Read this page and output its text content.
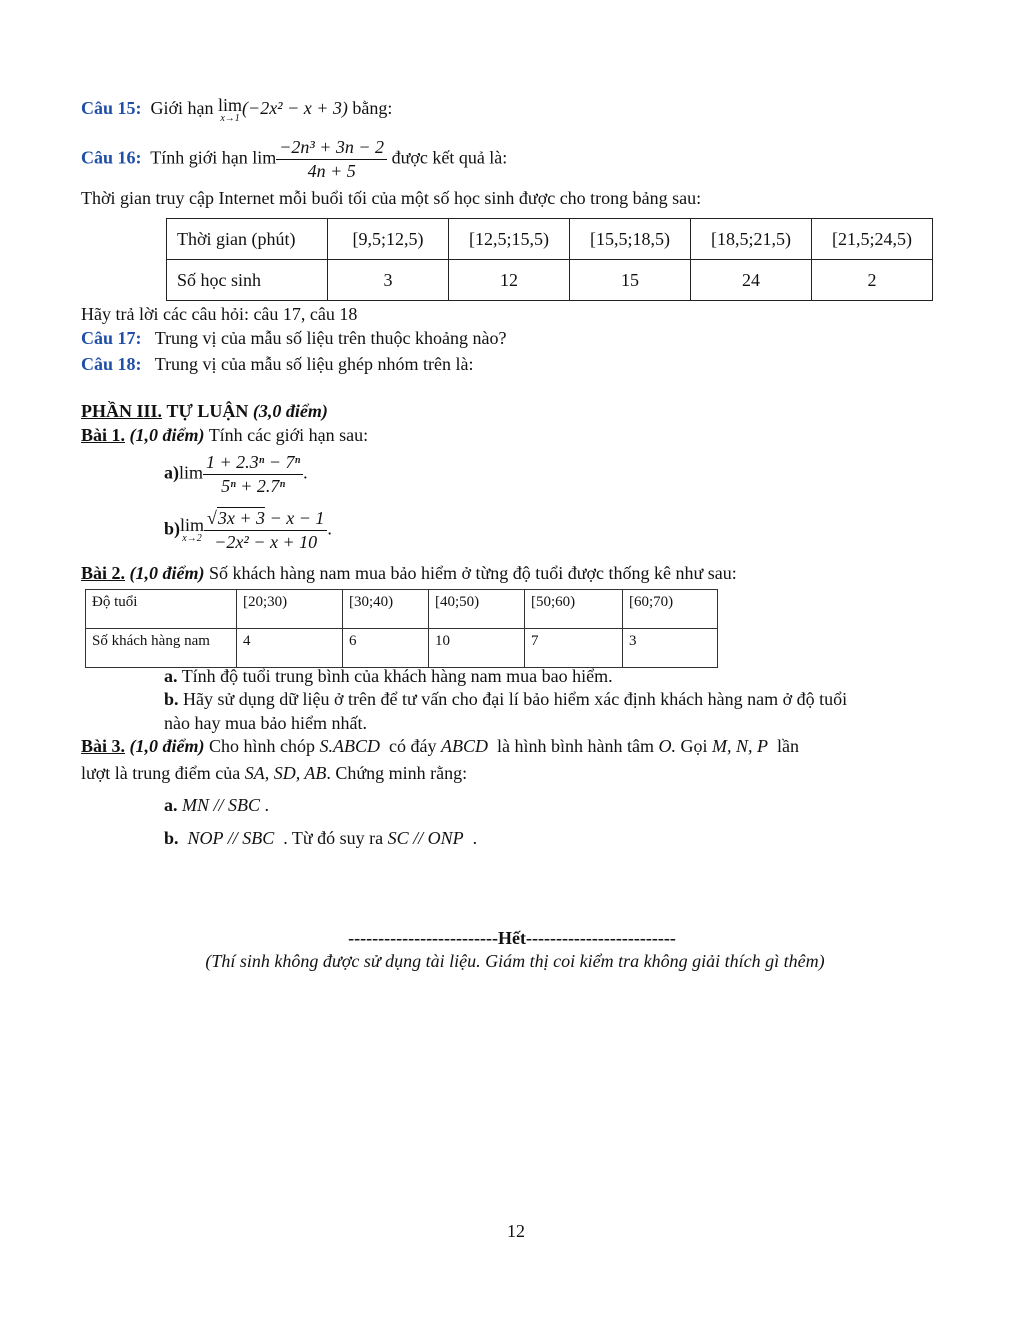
Câu 15: Giới hạn lim
x→1
(−2x² − x + 3) bằng:
Câu 16: Tính giới hạn $\lim \frac{\text{−2n³ + 3n − 2}}{4n + 5}$ được kết quả là:
Thời gian truy cập Internet mỗi buổi tối của một số học sinh được cho trong bảng sau:
Thời gian (phút)	[9,5;12,5)	[12,5;15,5)	[15,5;18,5)	[18,5;21,5)	[21,5;24,5)
Số học sinh	3	12	15	24	2
Hãy trả lời các câu hỏi: câu 17, câu 18
Câu 17: Trung vị của mẫu số liệu trên thuộc khoảng nào?
Câu 18: Trung vị của mẫu số liệu ghép nhóm trên là:
PHẦN III. TỰ LUẬN (3,0 điểm)
Bài 1. (1,0 điểm) Tính các giới hạn sau:
$a)\lim \frac{\text{1 + 2.3ⁿ − 7ⁿ}}{\text{5ⁿ + 2.7ⁿ}}$ .
b) lim
$x\to 2 \frac{√3x + 3 - x - 1}{\text{−2x² − x + 10}}$ .
Bài 2. (1,0 điểm) Số khách hàng nam mua bảo hiểm ở từng độ tuổi được thống kê như sau:
Độ tuổi	[20;30)	[30;40)	[40;50)	[50;60)	[60;70)
Số khách hàng nam	4	6	10	7	3
a. Tính độ tuổi trung bình của khách hàng nam mua bao hiểm.
b. Hãy sử dụng dữ liệu ở trên để tư vấn cho đại lí bảo hiểm xác định khách hàng nam ở độ tuổi
nào hay mua bảo hiểm nhất.
Bài 3. (1,0 điểm) Cho hình chóp S.ABCD có đáy ABCD là hình bình hành tâm O. Gọi M, N, P lần
lượt là trung điểm của SA, SD, AB. Chứng minh rằng:
a. MN // SBC .
b. NOP // SBC . Từ đó suy ra SC // ONP .
-------------------------Hết-------------------------
(Thí sinh không được sử dụng tài liệu. Giám thị coi kiểm tra không giải thích gì thêm)
12
